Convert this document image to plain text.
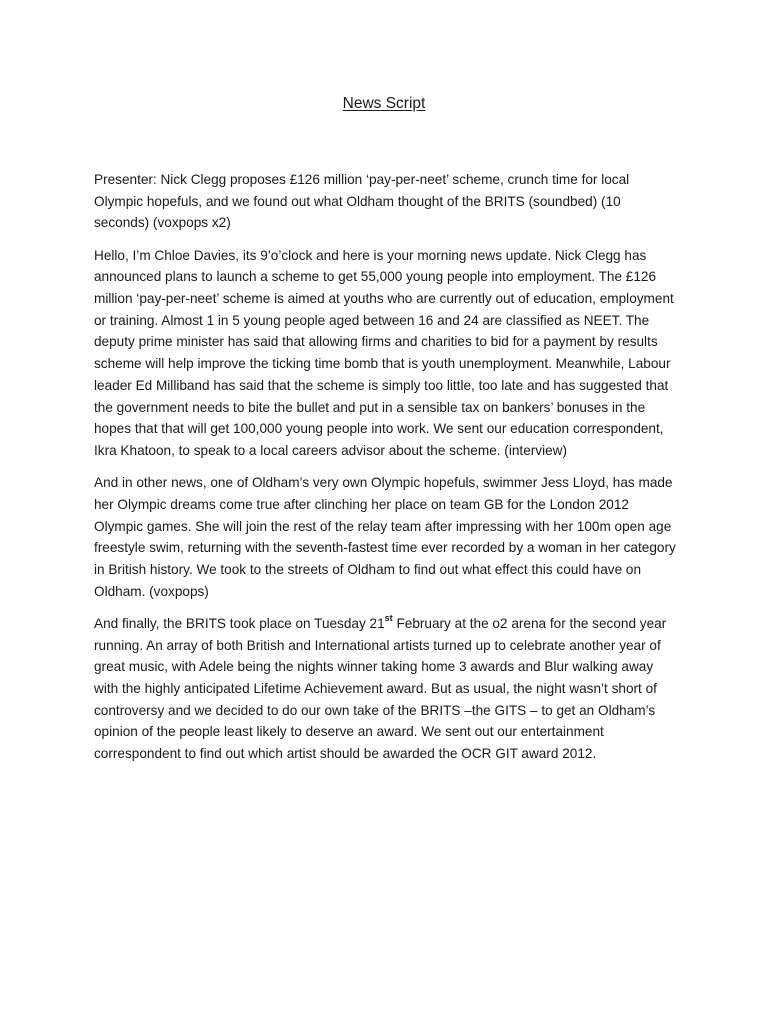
News Script

Presenter: Nick Clegg proposes £126 million ‘pay-per-neet’ scheme, crunch time for local Olympic hopefuls, and we found out what Oldham thought of the BRITS (soundbed) (10 seconds) (voxpops x2)

Hello, I’m Chloe Davies, its 9’o’clock and here is your morning news update. Nick Clegg has announced plans to launch a scheme to get 55,000 young people into employment. The £126 million ‘pay-per-neet’ scheme is aimed at youths who are currently out of education, employment or training. Almost 1 in 5 young people aged between 16 and 24 are classified as NEET. The deputy prime minister has said that allowing firms and charities to bid for a payment by results scheme will help improve the ticking time bomb that is youth unemployment. Meanwhile, Labour leader Ed Milliband has said that the scheme is simply too little, too late and has suggested that the government needs to bite the bullet and put in a sensible tax on bankers’ bonuses in the hopes that that will get 100,000 young people into work. We sent our education correspondent, Ikra Khatoon, to speak to a local careers advisor about the scheme. (interview)

And in other news, one of Oldham’s very own Olympic hopefuls, swimmer Jess Lloyd, has made her Olympic dreams come true after clinching her place on team GB for the London 2012 Olympic games. She will join the rest of the relay team after impressing with her 100m open age freestyle swim, returning with the seventh-fastest time ever recorded by a woman in her category in British history. We took to the streets of Oldham to find out what effect this could have on Oldham. (voxpops)

And finally, the BRITS took place on Tuesday 21st February at the o2 arena for the second year running. An array of both British and International artists turned up to celebrate another year of great music, with Adele being the nights winner taking home 3 awards and Blur walking away with the highly anticipated Lifetime Achievement award. But as usual, the night wasn’t short of controversy and we decided to do our own take of the BRITS –the GITS – to get an Oldham’s opinion of the people least likely to deserve an award. We sent out our entertainment correspondent to find out which artist should be awarded the OCR GIT award 2012.
